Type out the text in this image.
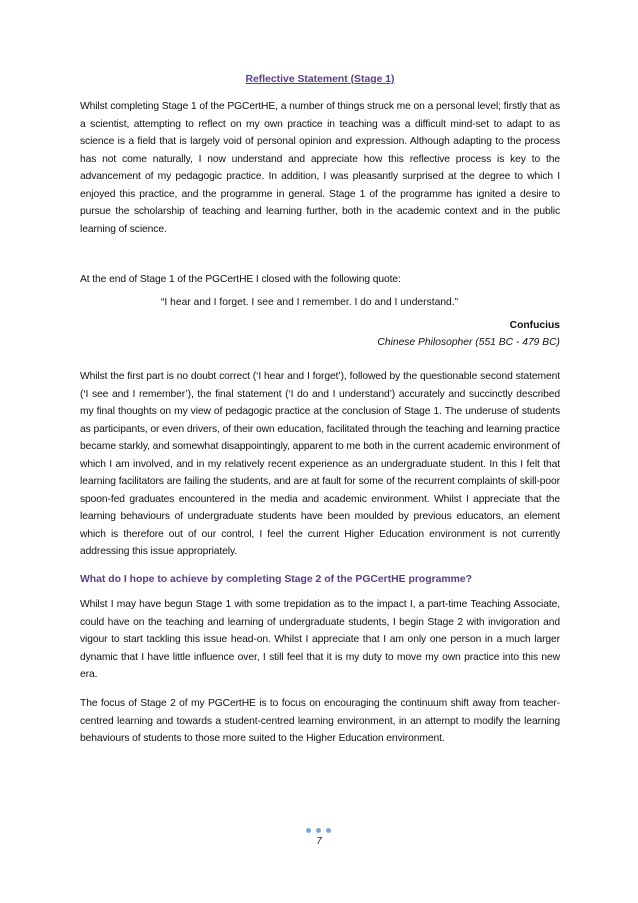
Reflective Statement (Stage 1)
Whilst completing Stage 1 of the PGCertHE, a number of things struck me on a personal level; firstly that as a scientist, attempting to reflect on my own practice in teaching was a difficult mind-set to adapt to as science is a field that is largely void of personal opinion and expression. Although adapting to the process has not come naturally, I now understand and appreciate how this reflective process is key to the advancement of my pedagogic practice. In addition, I was pleasantly surprised at the degree to which I enjoyed this practice, and the programme in general. Stage 1 of the programme has ignited a desire to pursue the scholarship of teaching and learning further, both in the academic context and in the public learning of science.
At the end of Stage 1 of the PGCertHE I closed with the following quote:
“I hear and I forget. I see and I remember. I do and I understand.”
Confucius
Chinese Philosopher (551 BC - 479 BC)
Whilst the first part is no doubt correct (‘I hear and I forget’), followed by the questionable second statement (‘I see and I remember’), the final statement (‘I do and I understand’) accurately and succinctly described my final thoughts on my view of pedagogic practice at the conclusion of Stage 1. The underuse of students as participants, or even drivers, of their own education, facilitated through the teaching and learning practice became starkly, and somewhat disappointingly, apparent to me both in the current academic environment of which I am involved, and in my relatively recent experience as an undergraduate student. In this I felt that learning facilitators are failing the students, and are at fault for some of the recurrent complaints of skill-poor spoon-fed graduates encountered in the media and academic environment. Whilst I appreciate that the learning behaviours of undergraduate students have been moulded by previous educators, an element which is therefore out of our control, I feel the current Higher Education environment is not currently addressing this issue appropriately.
What do I hope to achieve by completing Stage 2 of the PGCertHE programme?
Whilst I may have begun Stage 1 with some trepidation as to the impact I, a part-time Teaching Associate, could have on the teaching and learning of undergraduate students, I begin Stage 2 with invigoration and vigour to start tackling this issue head-on. Whilst I appreciate that I am only one person in a much larger dynamic that I have little influence over, I still feel that it is my duty to move my own practice into this new era.
The focus of Stage 2 of my PGCertHE is to focus on encouraging the continuum shift away from teacher-centred learning and towards a student-centred learning environment, in an attempt to modify the learning behaviours of students to those more suited to the Higher Education environment.
7
